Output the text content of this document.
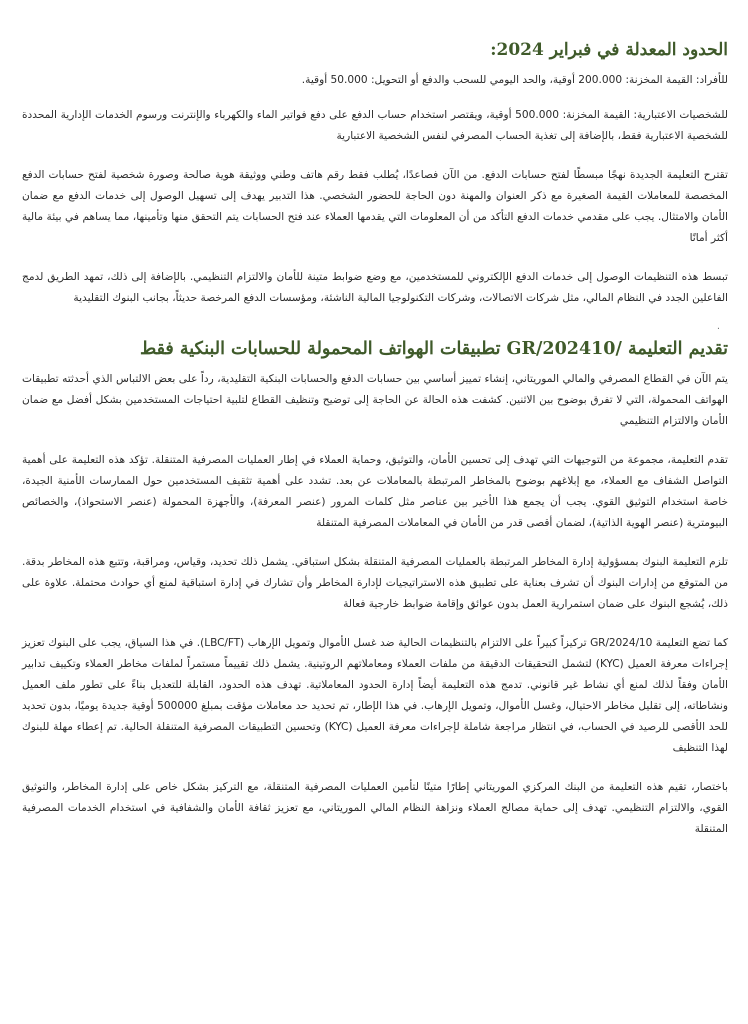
الحدود المعدلة في فبراير 2024:

للأفراد: القيمة المخزنة: 200.000 أوقية، والحد اليومي للسحب والدفع أو التحويل: 50.000 أوقية.

للشخصيات الاعتبارية: القيمة المخزنة: 500.000 أوقية، ويقتصر استخدام حساب الدفع على دفع فواتير الماء والكهرباء والإنترنت ورسوم الخدمات الإدارية المحددة للشخصية الاعتبارية فقط، بالإضافة إلى تغذية الحساب المصرفي لنفس الشخصية الاعتبارية

تقترح التعليمة الجديدة نهجًا مبسطًا لفتح حسابات الدفع. من الآن فصاعدًا، يُطلب فقط رقم هاتف وطني ووثيقة هوية صالحة وصورة شخصية لفتح حسابات الدفع المخصصة للمعاملات القيمة الصغيرة مع ذكر العنوان والمهنة دون الحاجة للحضور الشخصي. هذا التدبير يهدف إلى تسهيل الوصول إلى خدمات الدفع مع ضمان الأمان والامتثال. يجب على مقدمي خدمات الدفع التأكد من أن المعلومات التي يقدمها العملاء عند فتح الحسابات يتم التحقق منها وتأمينها، مما يساهم في بيئة مالية أكثر أمانًا

تبسط هذه التنظيمات الوصول إلى خدمات الدفع الإلكتروني للمستخدمين، مع وضع ضوابط متينة للأمان والالتزام التنظيمي. بالإضافة إلى ذلك، تمهد الطريق لدمج الفاعلين الجدد في النظام المالي، مثل شركات الاتصالات، وشركات التكنولوجيا المالية الناشئة، ومؤسسات الدفع المرخصة حديثاً، بجانب البنوك التقليدية

.
تقديم التعليمة /GR/202410 تطبيقات الهواتف المحمولة للحسابات البنكية فقط

يتم الآن في القطاع المصرفي والمالي الموريتاني، إنشاء تمييز أساسي بين حسابات الدفع والحسابات البنكية التقليدية، رداً على بعض الالتباس الذي أحدثته تطبيقات الهواتف المحمولة، التي لا تفرق بوضوح بين الاثنين. كشفت هذه الحالة عن الحاجة إلى توضيح وتنظيف القطاع لتلبية احتياجات المستخدمين بشكل أفضل مع ضمان الأمان والالتزام التنظيمي

تقدم التعليمة، مجموعة من التوجيهات التي تهدف إلى تحسين الأمان، والتوثيق، وحماية العملاء في إطار العمليات المصرفية المتنقلة. تؤكد هذه التعليمة على أهمية التواصل الشفاف مع العملاء، مع إبلاغهم بوضوح بالمخاطر المرتبطة بالمعاملات عن بعد. تشدد على أهمية تثقيف المستخدمين حول الممارسات الأمنية الجيدة، خاصة استخدام التوثيق القوي. يجب أن يجمع هذا الأخير بين عناصر مثل كلمات المرور (عنصر المعرفة)، والأجهزة المحمولة (عنصر الاستحواذ)، والخصائص البيومترية (عنصر الهوية الذاتية)، لضمان أقصى قدر من الأمان في المعاملات المصرفية المتنقلة

تلزم التعليمة البنوك بمسؤولية إدارة المخاطر المرتبطة بالعمليات المصرفية المتنقلة بشكل استباقي. يشمل ذلك تحديد، وقياس، ومراقبة، وتتبع هذه المخاطر بدقة. من المتوقع من إدارات البنوك أن تشرف بعناية على تطبيق هذه الاستراتيجيات لإدارة المخاطر وأن تشارك في إدارة استباقية لمنع أي حوادث محتملة. علاوة على ذلك، يُشجع البنوك على ضمان استمرارية العمل بدون عوائق وإقامة ضوابط خارجية فعالة

كما تضع التعليمة GR/2024/10 تركيزاً كبيراً على الالتزام بالتنظيمات الحالية ضد غسل الأموال وتمويل الإرهاب (LBC/FT). في هذا السياق، يجب على البنوك تعزيز إجراءات معرفة العميل (KYC) لتشمل التحقيقات الدقيقة من ملفات العملاء ومعاملاتهم الروتينية. يشمل ذلك تقييماً مستمراً لملفات مخاطر العملاء وتكييف تدابير الأمان وفقاً لذلك لمنع أي نشاط غير قانوني. تدمج هذه التعليمة أيضاً إدارة الحدود المعاملاتية. تهدف هذه الحدود، القابلة للتعديل بناءً على تطور ملف العميل ونشاطاته، إلى تقليل مخاطر الاحتيال، وغسل الأموال، وتمويل الإرهاب. في هذا الإطار، تم تحديد حد معاملات مؤقت بمبلغ 500000 أوقية جديدة يوميًا، بدون تحديد للحد الأقصى للرصيد في الحساب، في انتظار مراجعة شاملة لإجراءات معرفة العميل (KYC) وتحسين التطبيقات المصرفية المتنقلة الحالية. تم إعطاء مهلة للبنوك لهذا التنظيف

باختصار، تقيم هذه التعليمة من البنك المركزي الموريتاني إطارًا متينًا لتأمين العمليات المصرفية المتنقلة، مع التركيز بشكل خاص على إدارة المخاطر، والتوثيق القوي، والالتزام التنظيمي. تهدف إلى حماية مصالح العملاء ونزاهة النظام المالي الموريتاني، مع تعزيز ثقافة الأمان والشفافية في استخدام الخدمات المصرفية المتنقلة
